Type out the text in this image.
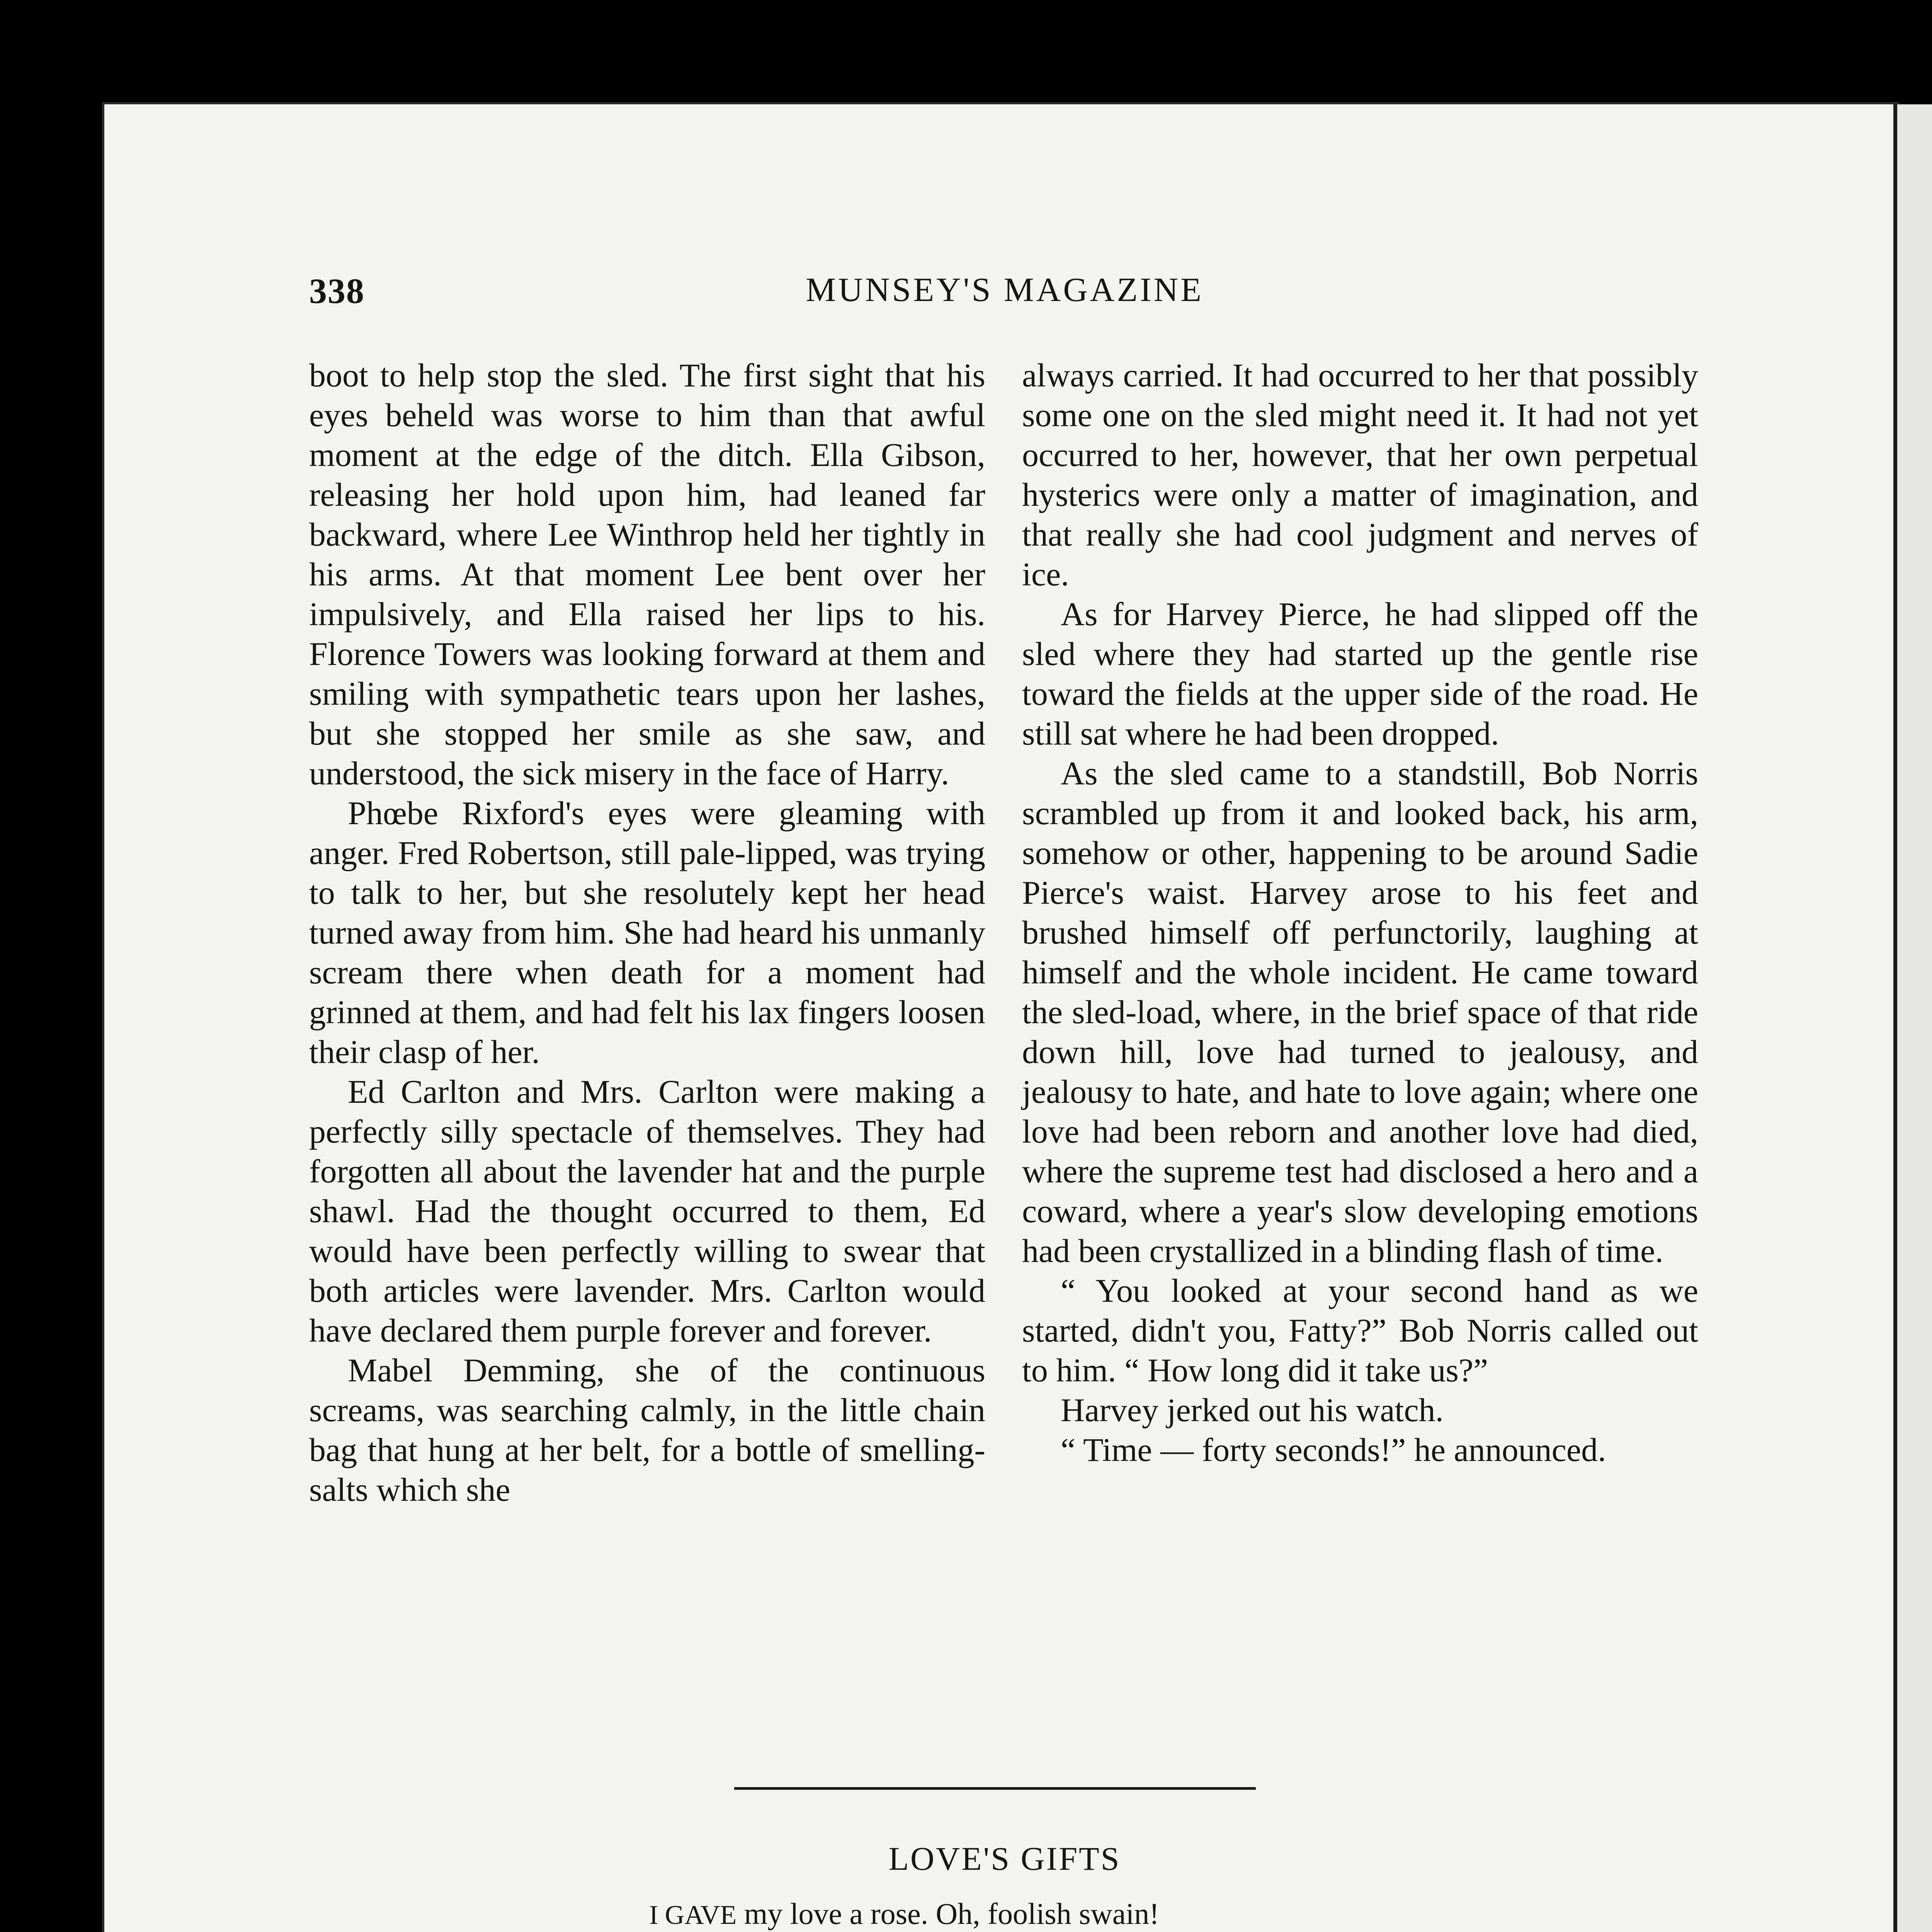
338	MUNSEY'S MAGAZINE

boot to help stop the sled. The first sight that his eyes beheld was worse to him than that awful moment at the edge of the ditch. Ella Gibson, releasing her hold upon him, had leaned far backward, where Lee Winthrop held her tightly in his arms. At that moment Lee bent over her impulsively, and Ella raised her lips to his. Florence Towers was looking forward at them and smiling with sympathetic tears upon her lashes, but she stopped her smile as she saw, and understood, the sick misery in the face of Harry.

Phœbe Rixford's eyes were gleaming with anger. Fred Robertson, still pale-lipped, was trying to talk to her, but she resolutely kept her head turned away from him. She had heard his unmanly scream there when death for a moment had grinned at them, and had felt his lax fingers loosen their clasp of her.

Ed Carlton and Mrs. Carlton were making a perfectly silly spectacle of themselves. They had forgotten all about the lavender hat and the purple shawl. Had the thought occurred to them, Ed would have been perfectly willing to swear that both articles were lavender. Mrs. Carlton would have declared them purple forever and forever.

Mabel Demming, she of the continuous screams, was searching calmly, in the little chain bag that hung at her belt, for a bottle of smelling-salts which she

always carried. It had occurred to her that possibly some one on the sled might need it. It had not yet occurred to her, however, that her own perpetual hysterics were only a matter of imagination, and that really she had cool judgment and nerves of ice.

As for Harvey Pierce, he had slipped off the sled where they had started up the gentle rise toward the fields at the upper side of the road. He still sat where he had been dropped.

As the sled came to a standstill, Bob Norris scrambled up from it and looked back, his arm, somehow or other, happening to be around Sadie Pierce's waist. Harvey arose to his feet and brushed himself off perfunctorily, laughing at himself and the whole incident. He came toward the sled-load, where, in the brief space of that ride down hill, love had turned to jealousy, and jealousy to hate, and hate to love again; where one love had been reborn and another love had died, where the supreme test had disclosed a hero and a coward, where a year's slow developing emotions had been crystallized in a blinding flash of time.

“ You looked at your second hand as we started, didn't you, Fatty?” Bob Norris called out to him. “ How long did it take us?”

Harvey jerked out his watch.

“ Time — forty seconds!” he announced.

LOVE'S GIFTS
I GAVE my love a rose. Oh, foolish swain!
